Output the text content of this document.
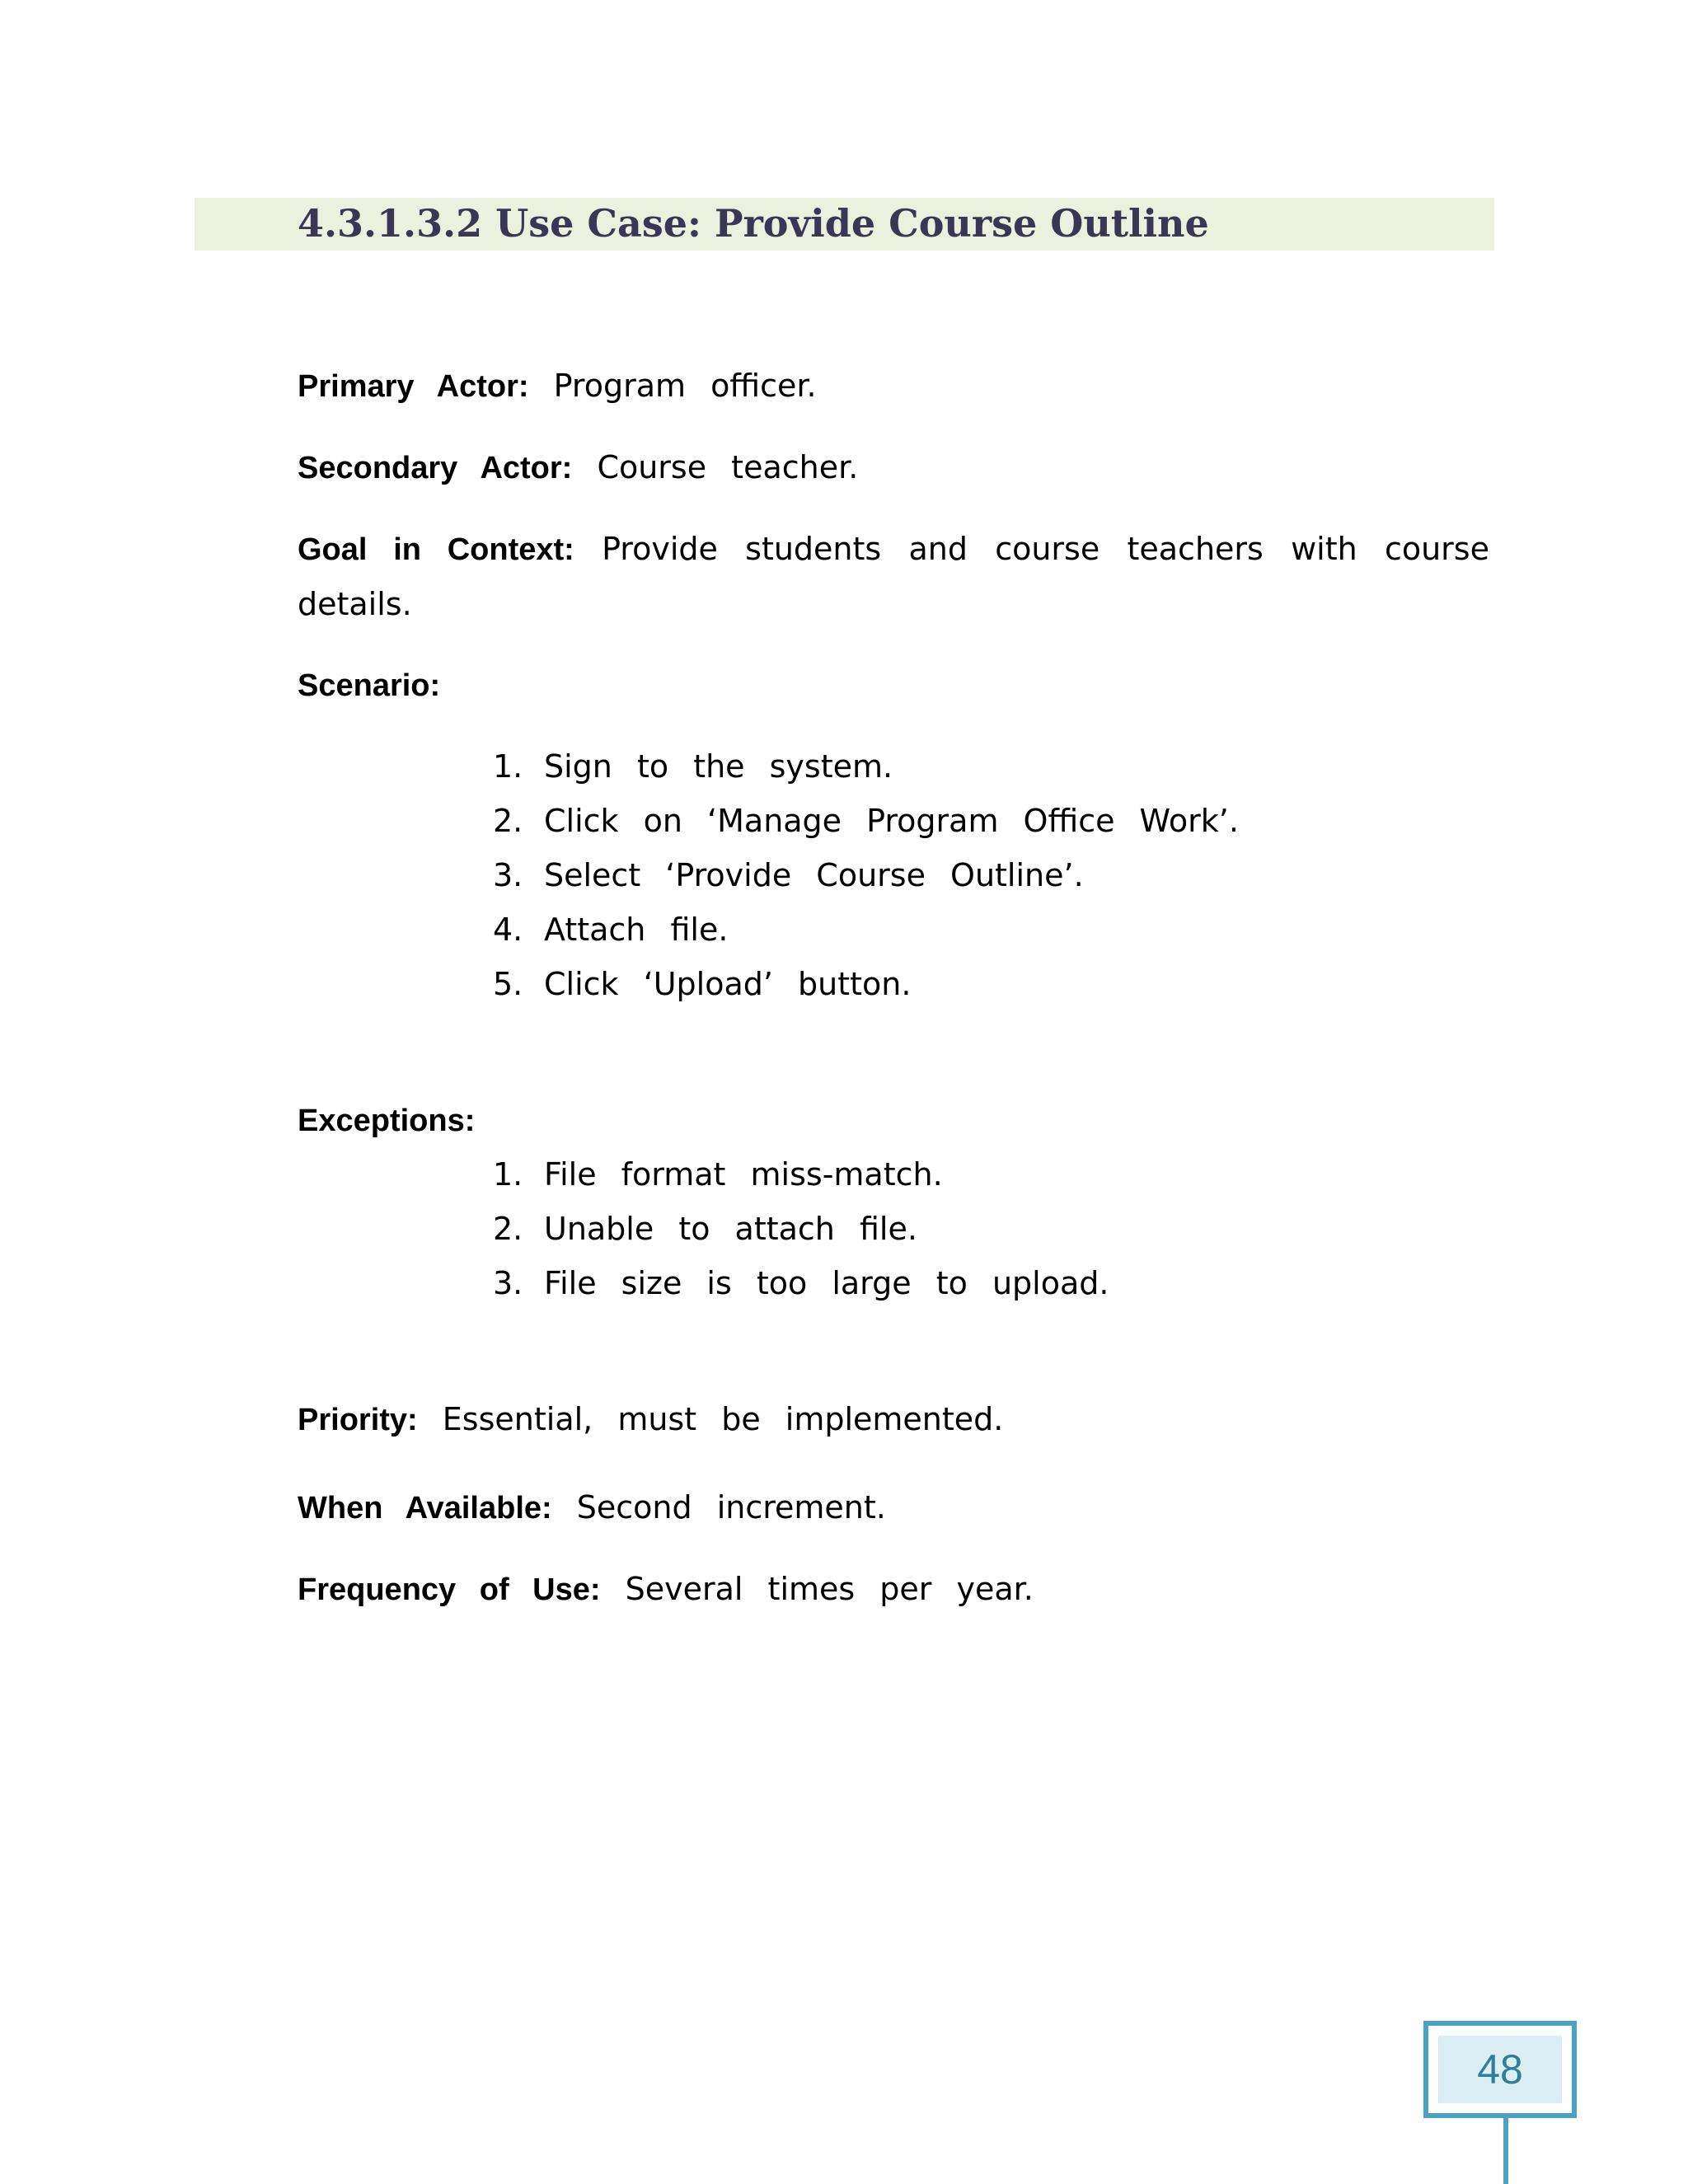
4.3.1.3.2 Use Case: Provide Course Outline
Primary Actor: Program officer.
Secondary Actor: Course teacher.
Goal in Context: Provide students and course teachers with course details.
Scenario:
1. Sign to the system.
2. Click on ‘Manage Program Office Work’.
3. Select ‘Provide Course Outline’.
4. Attach file.
5. Click ‘Upload’ button.
Exceptions:
1. File format miss-match.
2. Unable to attach file.
3. File size is too large to upload.
Priority: Essential, must be implemented.
When Available: Second increment.
Frequency of Use: Several times per year.
48
